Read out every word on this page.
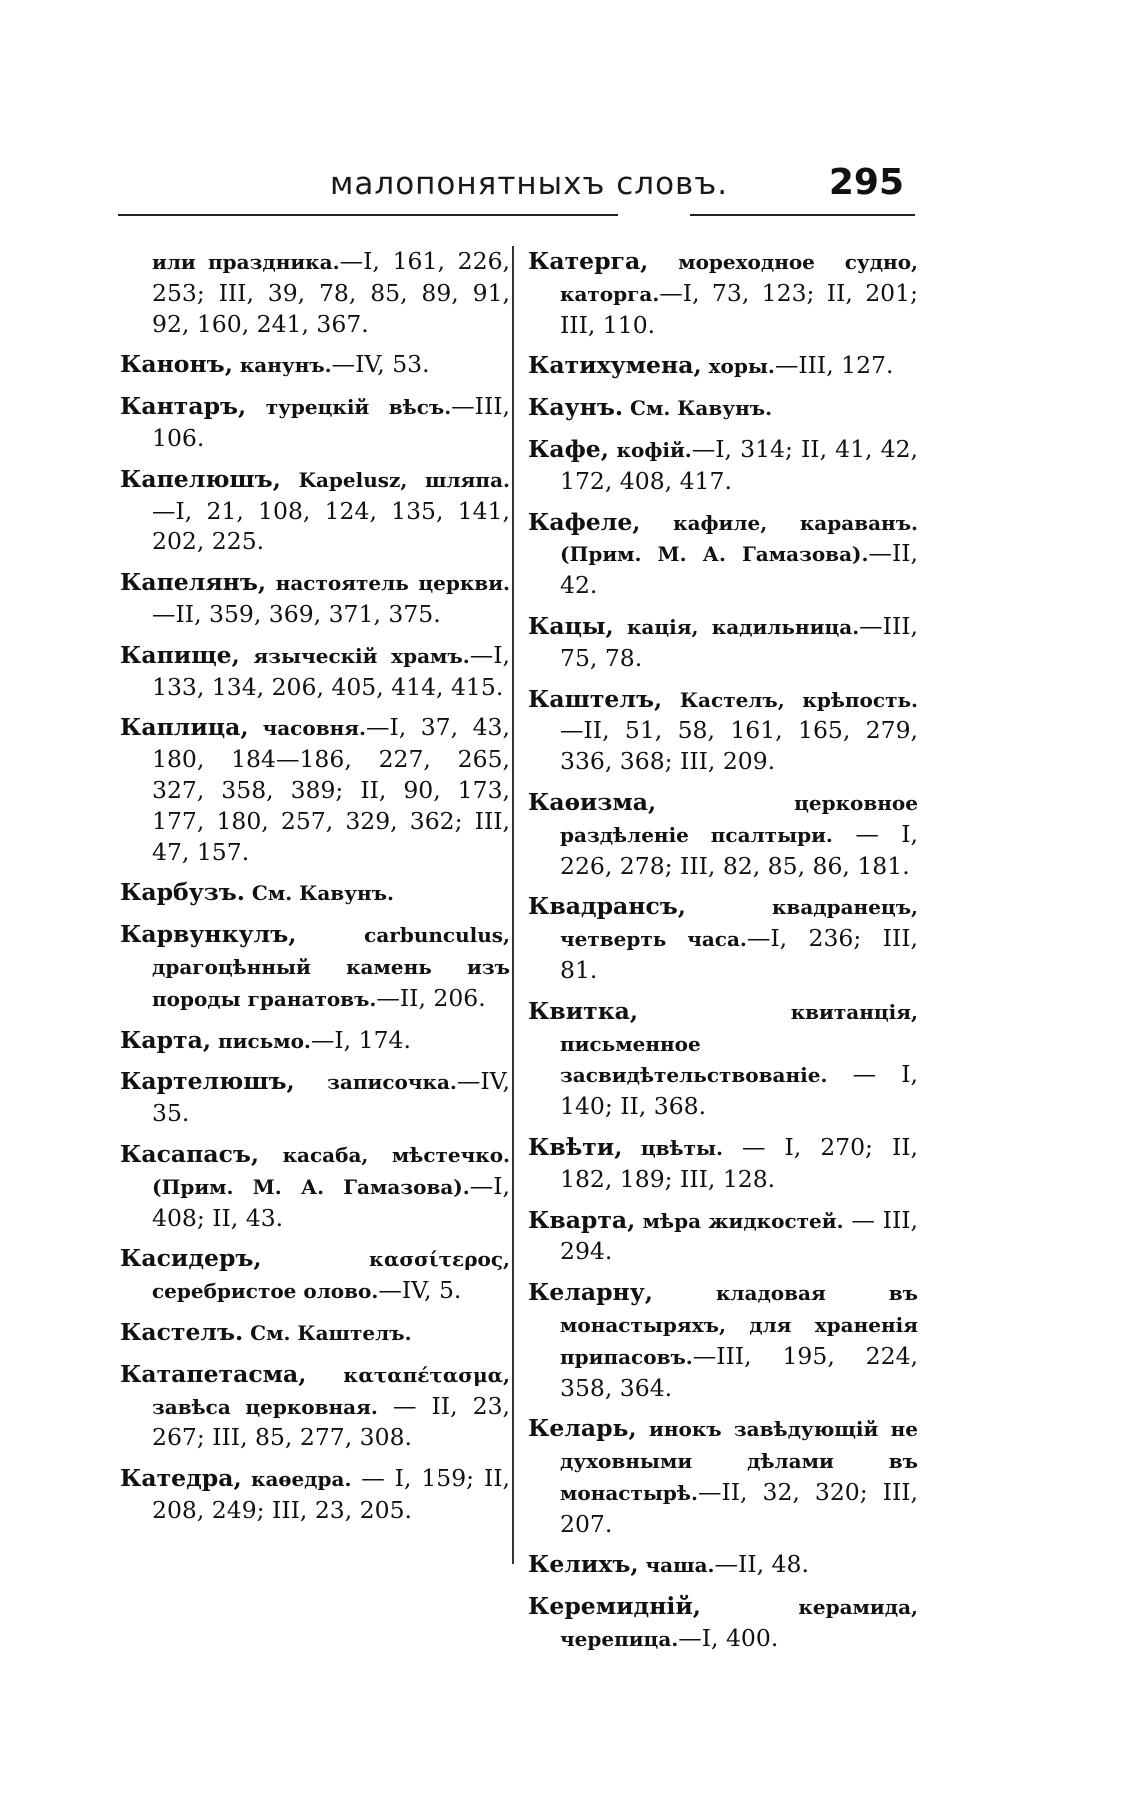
малопонятныхъ словъ.	295

или праздника.—I, 161, 226, 253; III, 39, 78, 85, 89, 91, 92, 160, 241, 367.

Канонъ, канунъ.—IV, 53.

Кантаръ, турецкій вѣсъ.—III, 106.

Капелюшъ, Kapelusz, шляпа. —I, 21, 108, 124, 135, 141, 202, 225.

Капелянъ, настоятель церкви. —II, 359, 369, 371, 375.

Капище, языческій храмъ.—I, 133, 134, 206, 405, 414, 415.

Каплица, часовня.—I, 37, 43, 180, 184—186, 227, 265, 327, 358, 389; II, 90, 173, 177, 180, 257, 329, 362; III, 47, 157.

Карбузъ. См. Кавунъ.

Карвункулъ, carbunculus, драгоцѣнный камень изъ породы гранатовъ.—II, 206.

Карта, письмо.—I, 174.

Картелюшъ, записочка.—IV, 35.

Касапасъ, касаба, мѣстечко. (Прим. М. А. Гамазова).—I, 408; II, 43.

Касидеръ, κασσίτερος, серебристое олово.—IV, 5.

Кастелъ. См. Каштелъ.

Катапетасма, καταπέτασμα, завѣса церковная. — II, 23, 267; III, 85, 277, 308.

Катедра, каѳедра. — I, 159; II, 208, 249; III, 23, 205.

Катерга, мореходное судно, каторга.—I, 73, 123; II, 201; III, 110.

Катихумена, хоры.—III, 127.

Каунъ. См. Кавунъ.

Кафе, кофій.—I, 314; II, 41, 42, 172, 408, 417.

Кафеле, кафиле, караванъ. (Прим. М. А. Гамазова).—II, 42.

Кацы, кація, кадильница.—III, 75, 78.

Каштелъ, Кастелъ, крѣпость. —II, 51, 58, 161, 165, 279, 336, 368; III, 209.

Каѳизма, церковное раздѣленіе псалтыри. — I, 226, 278; III, 82, 85, 86, 181.

Квадрансъ, квадранецъ, четверть часа.—I, 236; III, 81.

Квитка, квитанція, письменное засвидѣтельствованіе. — I, 140; II, 368.

Квѣти, цвѣты. — I, 270; II, 182, 189; III, 128.

Кварта, мѣра жидкостей. — III, 294.

Келарну, кладовая въ монастыряхъ, для храненія припасовъ.—III, 195, 224, 358, 364.

Келарь, инокъ завѣдующій не духовными дѣлами въ монастырѣ.—II, 32, 320; III, 207.

Келихъ, чаша.—II, 48.

Керемидній, керамида, черепица.—I, 400.
